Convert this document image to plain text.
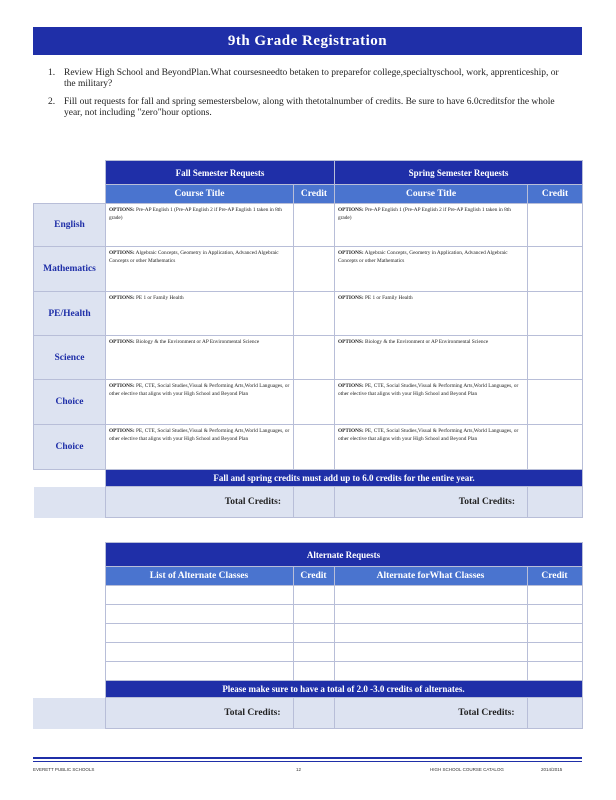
9th Grade Registration
1. Review High School and BeyondPlan.What coursesneedto betaken to preparefor college,specialtyschool, work, apprenticeship, or the military?
2. Fill out requests for fall and spring semestersbelow, along with thetotalnumber of credits. Be sure to have 6.0creditsfor the whole year, not including "zero"hour options.
	Fall Semester Requests		Spring Semester Requests	
	Course Title	Credit	Course Title	Credit
English	OPTIONS: Pre-AP English 1 (Pre-AP English 2 if Pre-AP English 1 taken in 8th grade)		OPTIONS: Pre-AP English 1 (Pre-AP English 2 if Pre-AP English 1 taken in 8th grade)	
Mathematics	OPTIONS: Algebraic Concepts, Geometry in Application, Advanced Algebraic Concepts or other Mathematics		OPTIONS: Algebraic Concepts, Geometry in Application, Advanced Algebraic Concepts or other Mathematics	
PE/Health	OPTIONS: PE 1 or Family Health		OPTIONS: PE 1 or Family Health	
Science	OPTIONS: Biology & the Environment or AP Environmental Science		OPTIONS: Biology & the Environment or AP Environmental Science	
Choice	OPTIONS: PE, CTE, Social Studies,Visual & Performing Arts,World Languages, or other elective that aligns with your High School and Beyond Plan		OPTIONS: PE, CTE, Social Studies,Visual & Performing Arts,World Languages, or other elective that aligns with your High School and Beyond Plan	
Choice	OPTIONS: PE, CTE, Social Studies,Visual & Performing Arts,World Languages, or other elective that aligns with your High School and Beyond Plan		OPTIONS: PE, CTE, Social Studies,Visual & Performing Arts,World Languages, or other elective that aligns with your High School and Beyond Plan	
	Fall and spring credits must add up to 6.0 credits for the entire year.			
	Total Credits:		Total Credits:	
	Alternate Requests			
	List of Alternate Classes	Credit	Alternate forWhat Classes	Credit

	Please make sure to have a total of 2.0 -3.0 credits of alternates.			
	Total Credits:		Total Credits:	
EVERETT PUBLIC SCHOOLS	12	HIGH SCHOOL COURSE CATALOG	2014/2015
